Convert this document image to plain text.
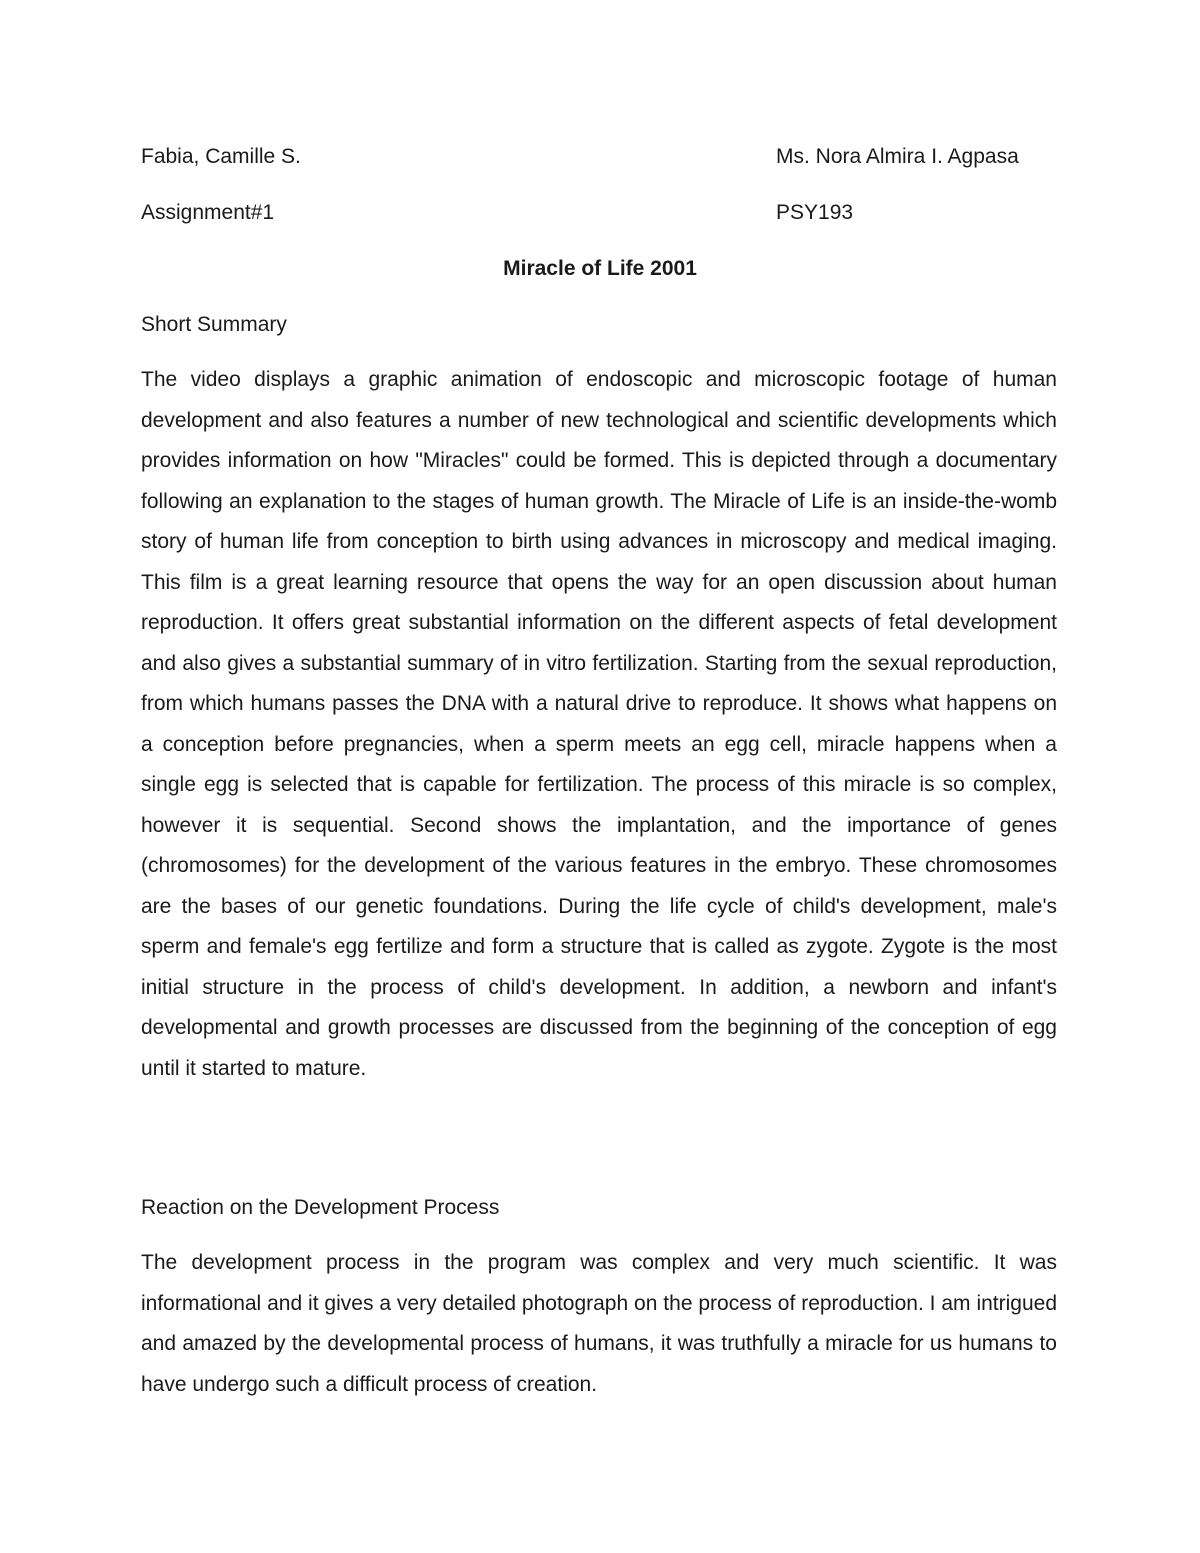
Fabia, Camille S.	Ms. Nora Almira I. Agpasa
Assignment#1	PSY193
Miracle of Life 2001
Short Summary
The video displays a graphic animation of endoscopic and microscopic footage of human development and also features a number of new technological and scientific developments which provides information on how "Miracles" could be formed. This is depicted through a documentary following an explanation to the stages of human growth. The Miracle of Life is an inside-the-womb story of human life from conception to birth using advances in microscopy and medical imaging. This film is a great learning resource that opens the way for an open discussion about human reproduction. It offers great substantial information on the different aspects of fetal development and also gives a substantial summary of in vitro fertilization. Starting from the sexual reproduction, from which humans passes the DNA with a natural drive to reproduce. It shows what happens on a conception before pregnancies, when a sperm meets an egg cell, miracle happens when a single egg is selected that is capable for fertilization. The process of this miracle is so complex, however it is sequential. Second shows the implantation, and the importance of genes (chromosomes) for the development of the various features in the embryo. These chromosomes are the bases of our genetic foundations. During the life cycle of child's development, male's sperm and female's egg fertilize and form a structure that is called as zygote. Zygote is the most initial structure in the process of child's development. In addition, a newborn and infant's developmental and growth processes are discussed from the beginning of the conception of egg until it started to mature.
Reaction on the Development Process
The development process in the program was complex and very much scientific. It was informational and it gives a very detailed photograph on the process of reproduction. I am intrigued and amazed by the developmental process of humans, it was truthfully a miracle for us humans to have undergo such a difficult process of creation.
